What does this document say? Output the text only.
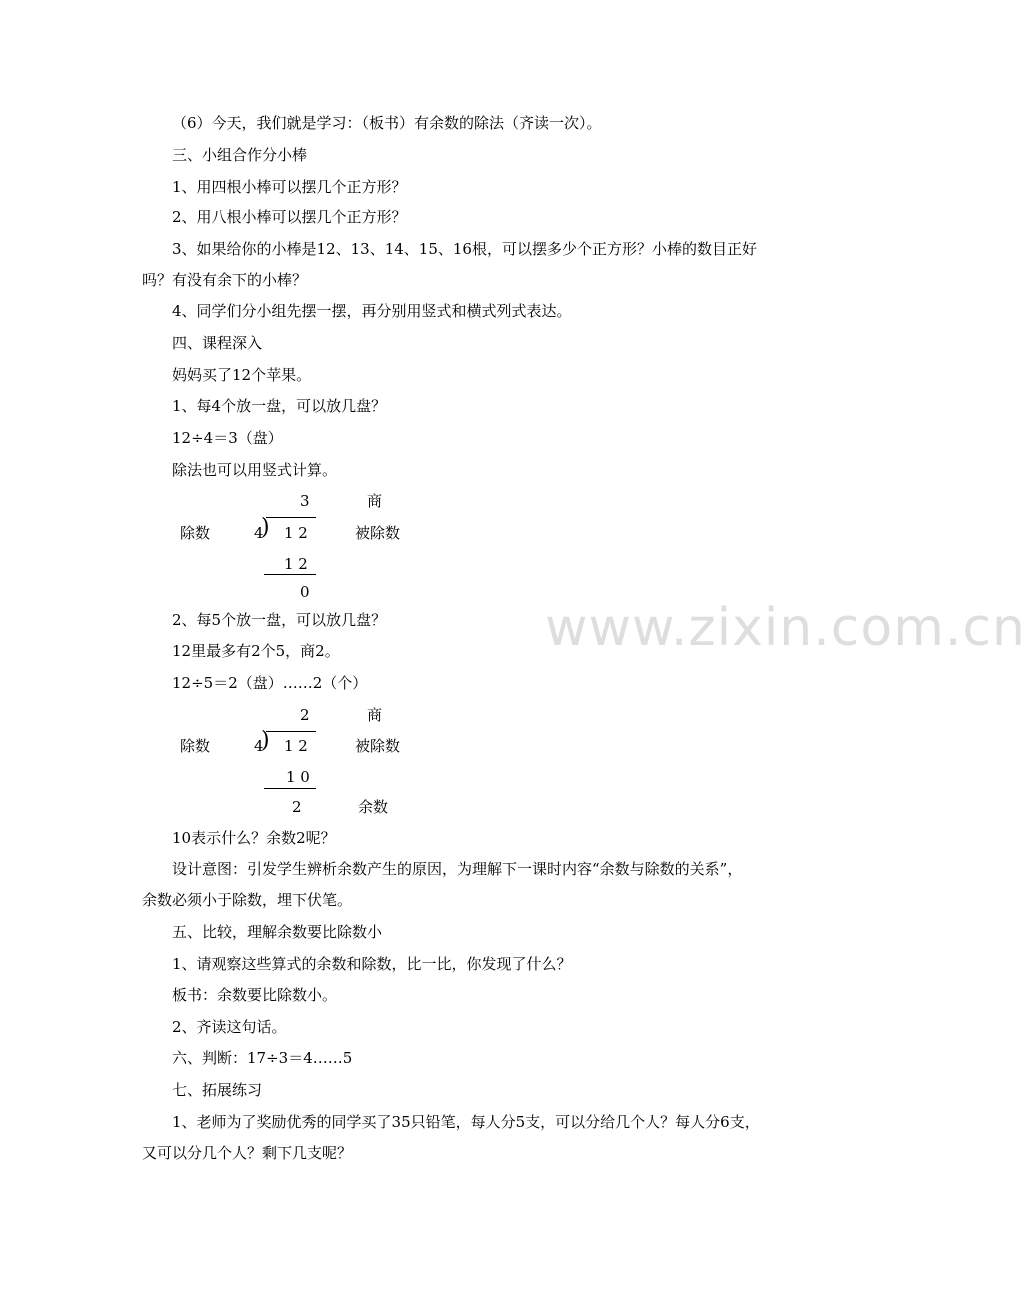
（6）今天，我们就是学习：（板书）有余数的除法（齐读一次）。
三、小组合作分小棒
1、用四根小棒可以摆几个正方形？
2、用八根小棒可以摆几个正方形？
3、如果给你的小棒是12、13、14、15、16根，可以摆多少个正方形？小棒的数目正好
吗？有没有余下的小棒？
4、同学们分小组先摆一摆，再分别用竖式和横式列式表达。
四、课程深入
妈妈买了12个苹果。
1、每4个放一盘，可以放几盘？
12÷4＝3（盘）
除法也可以用竖式计算。
3	商
除数	4
) 1 2	被除数
1 2
0
2、每5个放一盘，可以放几盘？
12里最多有2个5，商2。
12÷5＝2（盘）……2（个）
2	商
除数	4
) 1 2	被除数
1 0
2	余数
10表示什么？余数2呢？
设计意图：引发学生辨析余数产生的原因，为理解下一课时内容“余数与除数的关系”，
余数必须小于除数，埋下伏笔。
五、比较，理解余数要比除数小
1、请观察这些算式的余数和除数，比一比，你发现了什么？
板书：余数要比除数小。
2、齐读这句话。
六、判断：17÷3＝4……5
七、拓展练习
1、老师为了奖励优秀的同学买了35只铅笔，每人分5支，可以分给几个人？每人分6支，
又可以分几个人？剩下几支呢？
www.zixin.com.cn
